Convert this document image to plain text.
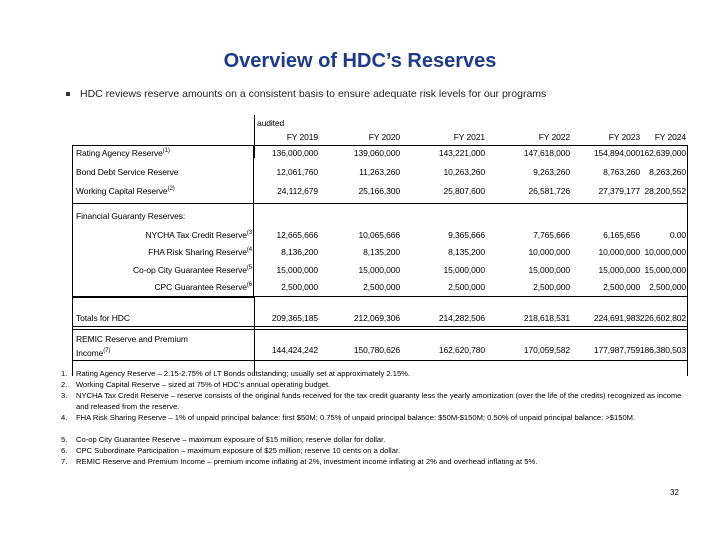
Overview of HDC’s Reserves
HDC reviews reserve amounts on a consistent basis to ensure adequate risk levels for our programs
audited
Financial Guaranty Reserves:
FY 2019	FY 2020	FY 2021	FY 2022	FY 2023	FY 2024
Rating Agency Reserve$^{(1)}$	136,000,000	139,060,000	143,221,000	147,618,000	154,894,000 162,639,000
Bond Debt Service Reserve	12,061,760	11,263,260	10,263,260	9,263,260	8,763,260	8,263,260
Working Capital Reserve$^{(2)}$	24,112,679	25,166,300	25,807,600	26,581,726	27,379,177 28,200,552
NYCHA Tax Credit Reserve$^{(3}$	12,665,666	10,065,666	9,365,666	7,765,666	6,165,656	0.00
FHA Risk Sharing Reserve$^{(4}$	8,136,200	8,135,200	8,135,200	10,000,000	10,000,000 10,000,000
Co-op City Guarantee Reserve$^{(5}$	15,000,000	15,000,000	15,000,000	15,000,000	15,000,000 15,000,000
CPC Guarantee Reserve$^{(6}$	2,500,000	2,500,000	2,500,000	2,500,000	2,500,000	2,500,000
Totals for HDC	209,365,185	212,069,306	214,282,506	218,618,531	224,691,983 226,602,802
REMIC Reserve and Premium Income$^{(7)}$	144,424,242	150,780,626	162,620,780	170,059,582	177,987,759 186,380,503
1. Rating Agency Reserve – 2.15-2.75% of LT Bonds outstanding; usually set at approximately 2.15%.
2. Working Capital Reserve – sized at 75% of HDC’s annual operating budget.
3. NYCHA Tax Credit Reserve – reserve consists of the original funds received for the tax credit guaranty less the yearly amortization (over the life of the credits) recognized as income and released from the reserve.
4. FHA Risk Sharing Reserve – 1% of unpaid principal balance: first $50M; 0.75% of unpaid principal balance: $50M-$150M; 0.50% of unpaid principal balance: >$150M.
5. Co-op City Guarantee Reserve – maximum exposure of $15 million; reserve dollar for dollar.
6. CPC Subordinate Participation – maximum exposure of $25 million; reserve 10 cents on a dollar.
7. REMIC Reserve and Premium Income – premium income inflating at 2%, investment income inflating at 2% and overhead inflating at 5%.
32
